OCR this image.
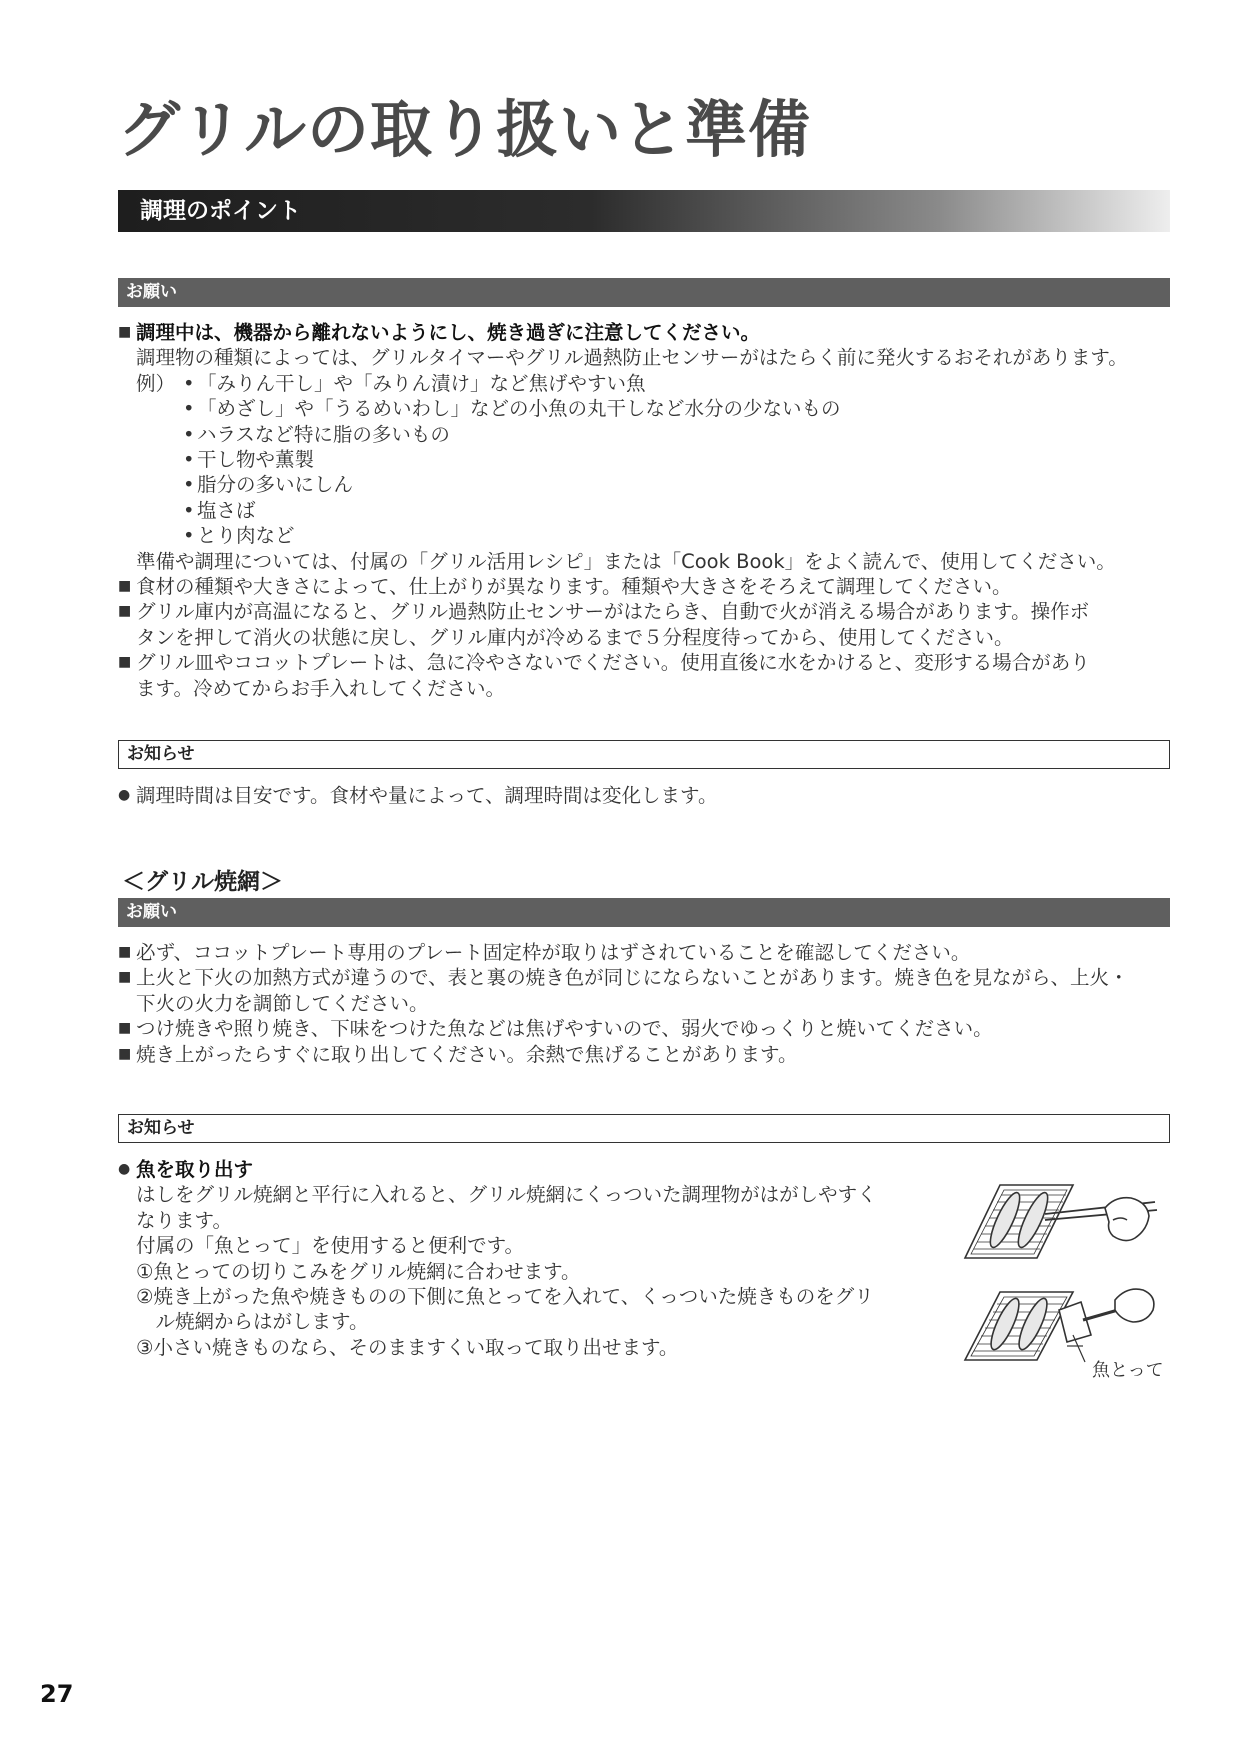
グリルの取り扱いと準備
調理のポイント
お願い
■
調理中は、機器から離れないようにし、焼き過ぎに注意してください。
調理物の種類によっては、グリルタイマーやグリル過熱防止センサーがはたらく前に発火するおそれがあります。
例） • 「みりん干し」や「みりん漬け」など焦げやすい魚
• 「めざし」や「うるめいわし」などの小魚の丸干しなど水分の少ないもの
• ハラスなど特に脂の多いもの
• 干し物や薫製
• 脂分の多いにしん
• 塩さば
• とり肉など
準備や調理については、付属の「グリル活用レシピ」または「Cook Book」をよく読んで、使用してください。
■
食材の種類や大きさによって、仕上がりが異なります。種類や大きさをそろえて調理してください。
■
グリル庫内が高温になると、グリル過熱防止センサーがはたらき、自動で火が消える場合があります。操作ボ
タンを押して消火の状態に戻し、グリル庫内が冷めるまで５分程度待ってから、使用してください。
■
グリル皿やココットプレートは、急に冷やさないでください。使用直後に水をかけると、変形する場合があり
ます。冷めてからお手入れしてください。
お知らせ
●
調理時間は目安です。食材や量によって、調理時間は変化します。
＜グリル焼網＞
お願い
■
必ず、ココットプレート専用のプレート固定枠が取りはずされていることを確認してください。
■
上火と下火の加熱方式が違うので、表と裏の焼き色が同じにならないことがあります。焼き色を見ながら、上火・
下火の火力を調節してください。
■
つけ焼きや照り焼き、下味をつけた魚などは焦げやすいので、弱火でゆっくりと焼いてください。
■
焼き上がったらすぐに取り出してください。余熱で焦げることがあります。
お知らせ
●
魚を取り出す
はしをグリル焼網と平行に入れると、グリル焼網にくっついた調理物がはがしやすく
なります。
付属の「魚とって」を使用すると便利です。
①魚とっての切りこみをグリル焼網に合わせます。
②焼き上がった魚や焼きものの下側に魚とってを入れて、くっついた焼きものをグリ
　ル焼網からはがします。
③小さい焼きものなら、そのまますくい取って取り出せます。
魚とって
27
